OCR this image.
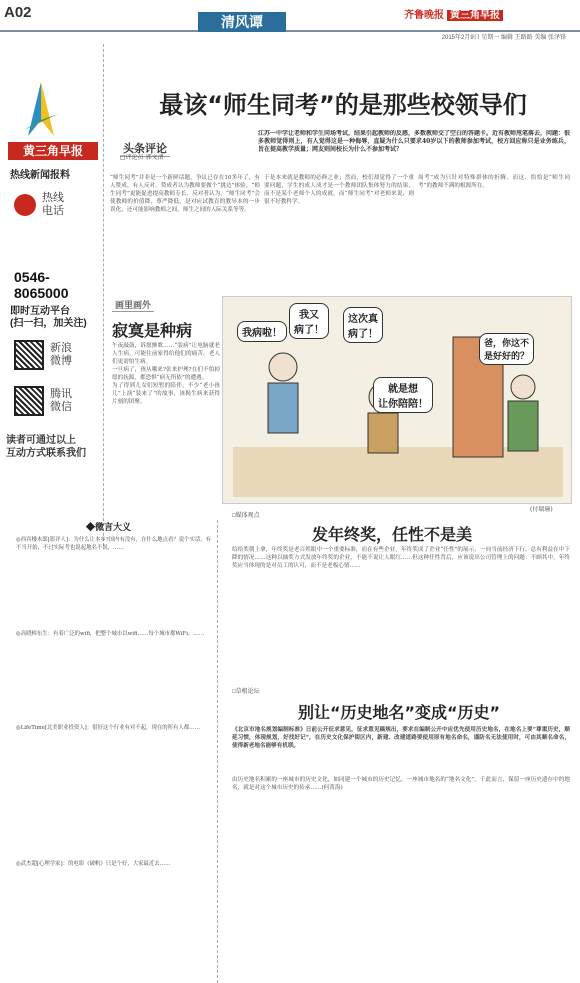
A02
清风谭	齐鲁晚报 黄三角早报
2015年2月9日 星期一 编辑 王路路 美编 张泽锋
黄三角早报
热线新闻报料
热线
电话
0546-8065000
即时互动平台
(扫一扫，加关注)
新浪
微博
腾讯
微信
读者可通过以上
互动方式联系我们
最该“师生同考”的是那些校领导们
头条评论
□评论员 郭文清
江苏一中学让老师和学生同场考试，结果引起教师的反感，多数教师交了空白的答题卡。近有教师甩笔落去，问题：很多教师觉得则上，有人觉得这是一种侮辱，直疑为什么只要求40岁以下的教师参加考试，校方回应称只是业务练兵，旨在提高教学质量；网友则间校长为什么不参加考试？
“师生同考”并非是一个新鲜话题，争议已存在10多年了，有人赞成，有人反对。赞成者认为教师要做个“挑边”体验，“师生同考”更能促进提高教师专长，反对者认为，“师生同考”会使教师的价值降，尊严降低，是对应试教育的教导本的一步误化，还可能影响教师之间，师生之间的人际关系等等。
于是本来就是教师的必修之业；然而，校们却觉得了一个重要问题，学生的成人成才是一个教师团队集体努力的结果，而不是某个老师个人的成就。而“师生同考”对老师来说，则很不好教科学。
周考”成为只针对特殊群体的折腾，而这、恰恰是“师生同考”的教师不满的根源所在。
画里画外
寂寞是种病
午夜敲鼓，诉愿颤歌……“装病”让电脑就老人生病，可能往前家得给他们的痛苦，老人们更需怕生病。
一旦病了，孩从哪来?张来护理?在们不怕掉愿的抚源，都恐惧“病无所依”的遭遇。
为了得到儿女们短暂的陪伴，不少“老小孩儿”上演“装来了”的故事，该揭生病来获得片刻的团聚。
我病啦！
我又
病了！
这次真
病了！
爸，你这不
是好好的？
就是想
让你陪陪！
(付瑞瑜)
◆微言大义
◎西宾楼木郎[影评人]：为什么让本乡?国内有没有，在什么地点看？说个实话，有不当开始，不过实际考也说起地名不说，……
◎高晓樟东生：有着广泛的wifi，把整个城市以wifi……每个城市都WiFi，……
◎LifeTime[北美职业投资人]：很好这个行业有对不起，现在的所有人都……
◎武杰超[心理学家]：的电影《破帆》只是个好，大家最近去……
□媒体观点
发年终奖，任性不是美
给给奖朝上拿，年终奖是老百姓眼中一个重要标准，而在有些企业，年终奖成了企业“任性”的展示，一向当前经济下行、总有利益在中下降的情况……这种以抽奖方式发放年终奖的企业，不能不说让人眼红……但这种任性背后，应该说出公司管理上的问题：不顾其中，年终奖应当体现的是对员工的认可，而不是老板心情……
□草根论坛
别让“历史地名”变成“历史”
《北京市地名规划编制标准》日前公开征求意见，征求意见稿规出，要求在编制公开中应优先使用历史地名，在地名上要“尊重历史，顺延习惯，体现规划，好找好记”，在历史文化保护街区内，新建、改建道路要使用原有地名命名，谨防名无法使用时，可由其顺名命名，使得新老地名能够有机联。
由历史地名积累的一座城市的历史文化，如同建一个城市的历史记忆，一座城市地名的“地名文化”，千此而言，保留一座历史遗存中的地名，就是对这个城市历史的传承……(何菁海)
